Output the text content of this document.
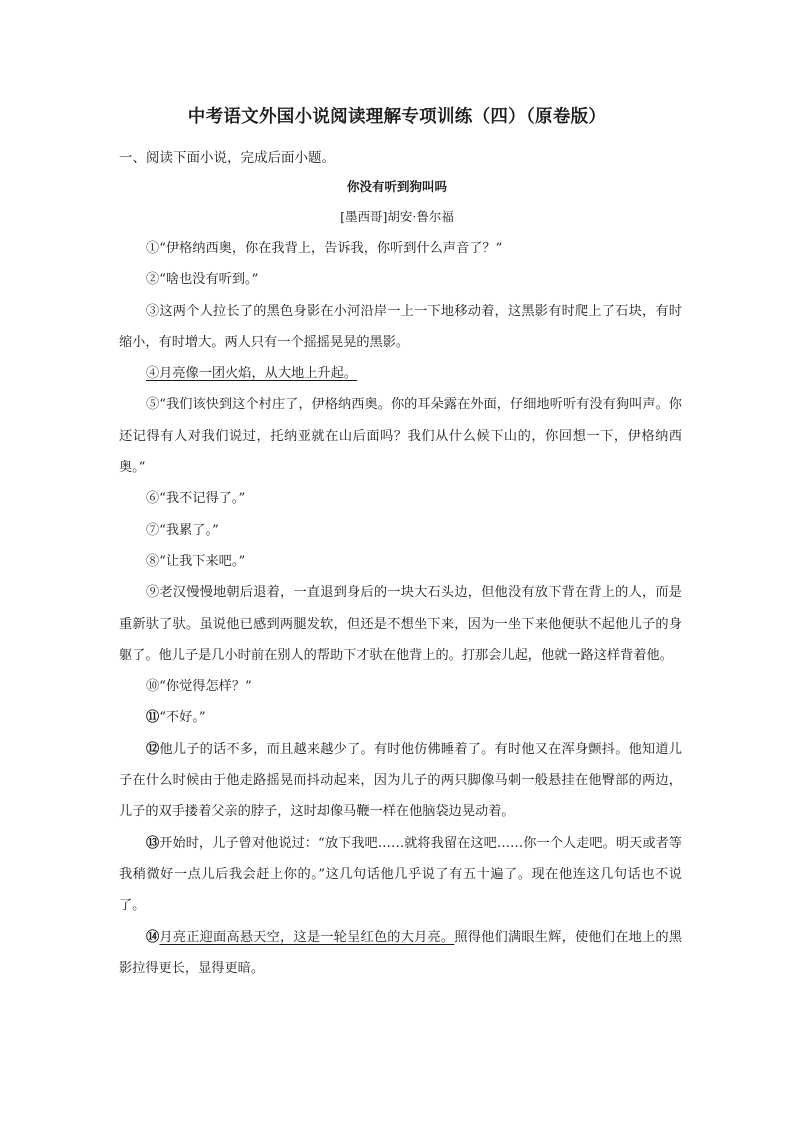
中考语文外国小说阅读理解专项训练（四）（原卷版）
一、阅读下面小说，完成后面小题。
你没有听到狗叫吗
[墨西哥]胡安·鲁尔福

①“伊格纳西奥，你在我背上，告诉我，你听到什么声音了？”

②“啥也没有听到。”

③这两个人拉长了的黑色身影在小河沿岸一上一下地移动着，这黑影有时爬上了石块，有时缩小，有时增大。两人只有一个摇摇晃晃的黑影。

④月亮像一团火焰，从大地上升起。

⑤“我们该快到这个村庄了，伊格纳西奥。你的耳朵露在外面，仔细地听听有没有狗叫声。你还记得有人对我们说过，托纳亚就在山后面吗？我们从什么候下山的，你回想一下，伊格纳西奥。”

⑥“我不记得了。”

⑦“我累了。”

⑧“让我下来吧。”

⑨老汉慢慢地朝后退着，一直退到身后的一块大石头边，但他没有放下背在背上的人，而是重新驮了驮。虽说他已感到两腿发软，但还是不想坐下来，因为一坐下来他便驮不起他儿子的身躯了。他儿子是几小时前在别人的帮助下才驮在他背上的。打那会儿起，他就一路这样背着他。

⑩“你觉得怎样？”

⑪“不好。”

⑫他儿子的话不多，而且越来越少了。有时他仿佛睡着了。有时他又在浑身颤抖。他知道儿子在什么时候由于他走路摇晃而抖动起来，因为儿子的两只脚像马刺一般悬挂在他臀部的两边，儿子的双手搂着父亲的脖子，这时却像马鞭一样在他脑袋边晃动着。

⑬开始时，儿子曾对他说过：“放下我吧……就将我留在这吧……你一个人走吧。明天或者等我稍微好一点儿后我会赶上你的。”这几句话他几乎说了有五十遍了。现在他连这几句话也不说了。

⑭月亮正迎面高悬天空，这是一轮呈红色的大月亮。照得他们满眼生辉，使他们在地上的黑影拉得更长，显得更暗。
